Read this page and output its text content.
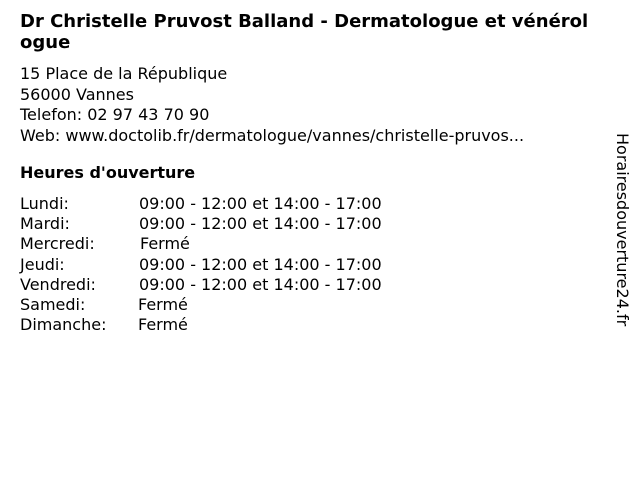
Dr Christelle Pruvost Balland - Dermatologue et vénérologue
15 Place de la République
56000 Vannes
Telefon: 02 97 43 70 90
Web: www.doctolib.fr/dermatologue/vannes/christelle-pruvos...
Heures d'ouverture
Lundi:	09:00 - 12:00 et 14:00 - 17:00
Mardi:	09:00 - 12:00 et 14:00 - 17:00
Mercredi:	Fermé
Jeudi:	09:00 - 12:00 et 14:00 - 17:00
Vendredi:	09:00 - 12:00 et 14:00 - 17:00
Samedi:	Fermé
Dimanche: Fermé	Horairesdouverture24.fr
